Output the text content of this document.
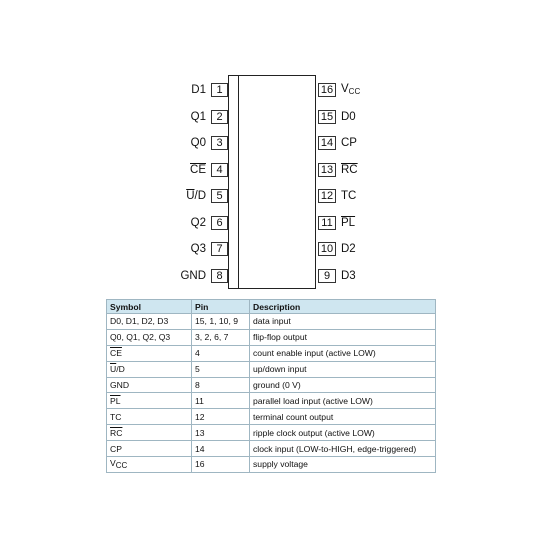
D1 1
Q1 2
Q0 3
$\overline{CE}$ 4
$\overline{U}/D$ 5
Q2 6
Q3 7
GND 8
16 $V_{CC}$
15 D0
14 CP
13 $\overline{RC}$
12 TC
11 $\overline{PL}$
10 D2
9 D3
Symbol	Pin	Description
D0, D1, D2, D3	15, 1, 10, 9	data input
Q0, Q1, Q2, Q3	3, 2, 6, 7	flip-flop output
$\overline{CE}$	4	count enable input (active LOW)
$\overline{U}/D$	5	up/down input
GND	8	ground (0 V)
$\overline{PL}$	11	parallel load input (active LOW)
TC	12	terminal count output
$\overline{RC}$	13	ripple clock output (active LOW)
CP	14	clock input (LOW-to-HIGH, edge-triggered)
$V_{CC}$	16	supply voltage
